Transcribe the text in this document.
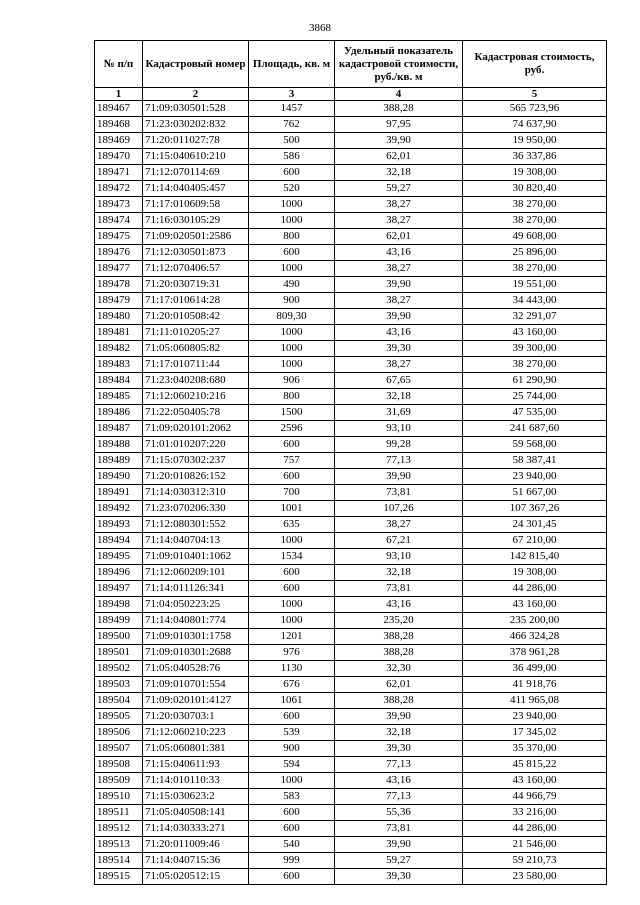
3868
№ п/п	Кадастровый номер	Площадь, кв. м	Удельный показатель кадастровой стоимости, руб./кв. м	Кадастровая стоимость, руб.
1	2	3	4	5
189467	71:09:030501:528	1457	388,28	565 723,96
189468	71:23:030202:832	762	97,95	74 637,90
189469	71:20:011027:78	500	39,90	19 950,00
189470	71:15:040610:210	586	62,01	36 337,86
189471	71:12:070114:69	600	32,18	19 308,00
189472	71:14:040405:457	520	59,27	30 820,40
189473	71:17:010609:58	1000	38,27	38 270,00
189474	71:16:030105:29	1000	38,27	38 270,00
189475	71:09:020501:2586	800	62,01	49 608,00
189476	71:12:030501:873	600	43,16	25 896,00
189477	71:12:070406:57	1000	38,27	38 270,00
189478	71:20:030719:31	490	39,90	19 551,00
189479	71:17:010614:28	900	38,27	34 443,00
189480	71:20:010508:42	809,30	39,90	32 291,07
189481	71:11:010205:27	1000	43,16	43 160,00
189482	71:05:060805:82	1000	39,30	39 300,00
189483	71:17:010711:44	1000	38,27	38 270,00
189484	71:23:040208:680	906	67,65	61 290,90
189485	71:12:060210:216	800	32,18	25 744,00
189486	71:22:050405:78	1500	31,69	47 535,00
189487	71:09:020101:2062	2596	93,10	241 687,60
189488	71:01:010207:220	600	99,28	59 568,00
189489	71:15:070302:237	757	77,13	58 387,41
189490	71:20:010826:152	600	39,90	23 940,00
189491	71:14:030312:310	700	73,81	51 667,00
189492	71:23:070206:330	1001	107,26	107 367,26
189493	71:12:080301:552	635	38,27	24 301,45
189494	71:14:040704:13	1000	67,21	67 210,00
189495	71:09:010401:1062	1534	93,10	142 815,40
189496	71:12:060209:101	600	32,18	19 308,00
189497	71:14:011126:341	600	73,81	44 286,00
189498	71:04:050223:25	1000	43,16	43 160,00
189499	71:14:040801:774	1000	235,20	235 200,00
189500	71:09:010301:1758	1201	388,28	466 324,28
189501	71:09:010301:2688	976	388,28	378 961,28
189502	71:05:040528:76	1130	32,30	36 499,00
189503	71:09:010701:554	676	62,01	41 918,76
189504	71:09:020101:4127	1061	388,28	411 965,08
189505	71:20:030703:1	600	39,90	23 940,00
189506	71:12:060210:223	539	32,18	17 345,02
189507	71:05:060801:381	900	39,30	35 370,00
189508	71:15:040611:93	594	77,13	45 815,22
189509	71:14:010110:33	1000	43,16	43 160,00
189510	71:15:030623:2	583	77,13	44 966,79
189511	71:05:040508:141	600	55,36	33 216,00
189512	71:14:030333:271	600	73,81	44 286,00
189513	71:20:011009:46	540	39,90	21 546,00
189514	71:14:040715:36	999	59,27	59 210,73
189515	71:05:020512:15	600	39,30	23 580,00
